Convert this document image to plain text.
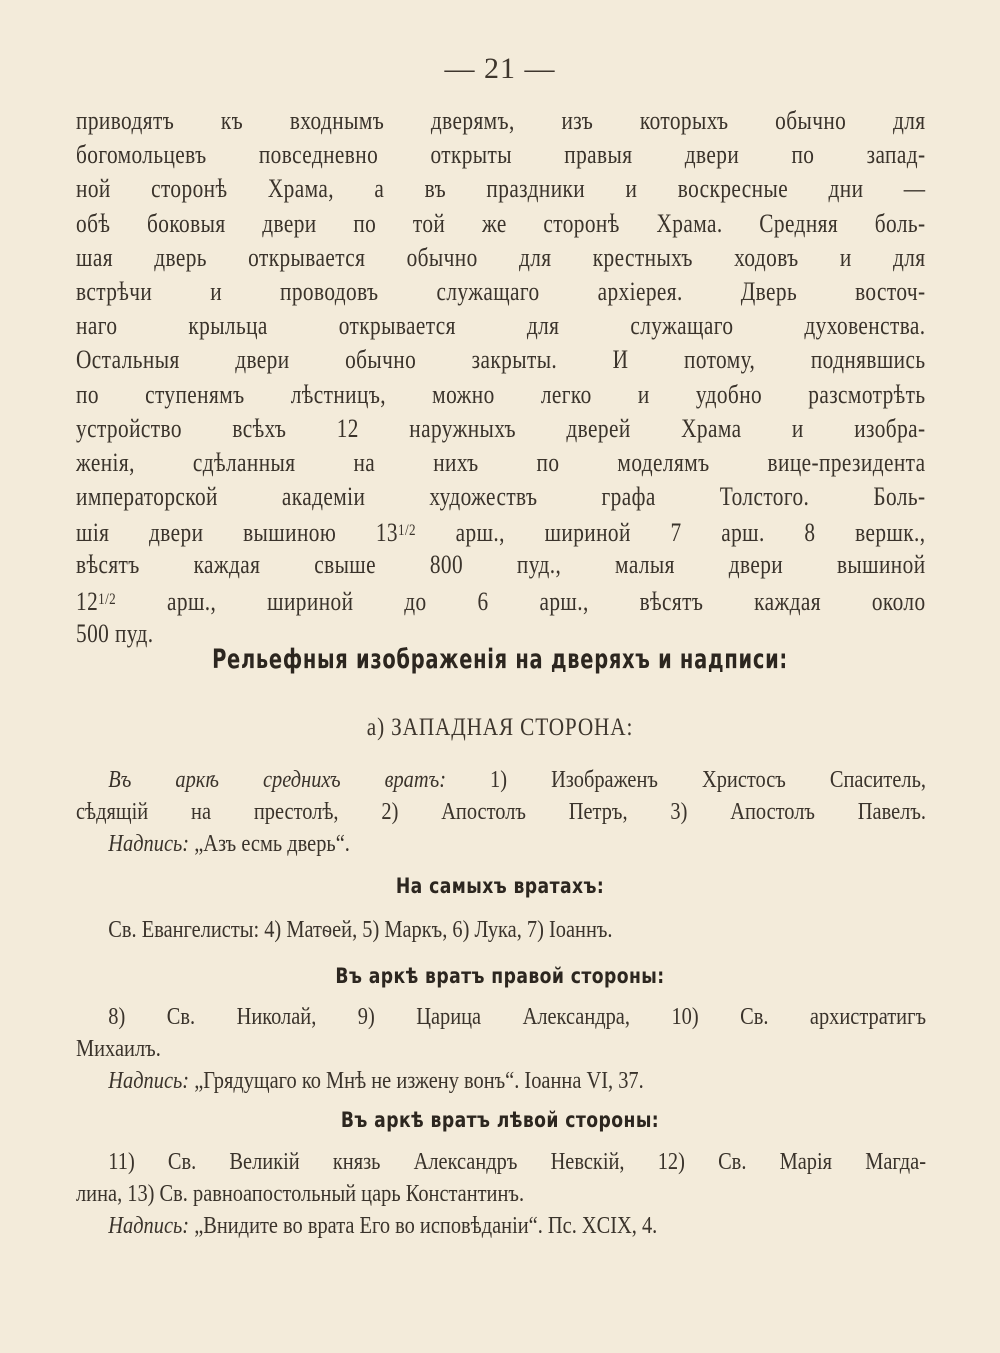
— 21 —
приводятъ къ входнымъ дверямъ, изъ которыхъ обычно для
богомольцевъ повседневно открыты правыя двери по запад-
ной сторонѣ Храма, а въ праздники и воскресные дни —
обѣ боковыя двери по той же сторонѣ Храма. Средняя боль-
шая дверь открывается обычно для крестныхъ ходовъ и для
встрѣчи и проводовъ служащаго архіерея. Дверь восточ-
наго крыльца открывается для служащаго духовенства.
Остальныя двери обычно закрыты. И потому, поднявшись
по ступенямъ лѣстницъ, можно легко и удобно разсмотрѣть
устройство всѣхъ 12 наружныхъ дверей Храма и изобра-
женія, сдѣланныя на нихъ по моделямъ вице-президента
императорской академіи художествъ графа Толстого. Боль-
шія двери вышиною $13^{1/2}$ арш., шириной 7 арш. 8 вершк.,
вѣсятъ каждая свыше 800 пуд., малыя двери вышиной
$12^{1/2}$ арш., шириной до 6 арш., вѣсятъ каждая около
500 пуд.
Рельефныя изображенія на дверяхъ и надписи:
а) ЗАПАДНАЯ СТОРОНА:
Въ аркѣ среднихъ вратъ: 1) Изображенъ Христосъ Спаситель,
сѣдящій на престолѣ, 2) Апостолъ Петръ, 3) Апостолъ Павелъ.
Надпись: „Азъ есмь дверь“.
На самыхъ вратахъ:
Св. Евангелисты: 4) Матѳей, 5) Маркъ, 6) Лука, 7) Іоаннъ.
Въ аркѣ вратъ правой стороны:
8) Св. Николай, 9) Царица Александра, 10) Св. архистратигъ
Михаилъ.
Надпись: „Грядущаго ко Мнѣ не изжену вонъ“. Іоанна VI, 37.
Въ аркѣ вратъ лѣвой стороны:
11) Св. Великій князь Александръ Невскій, 12) Св. Марія Магда-
лина, 13) Св. равноапостольный царь Константинъ.
Надпись: „Внидите во врата Его во исповѣданіи“. Пс. XCIX, 4.
